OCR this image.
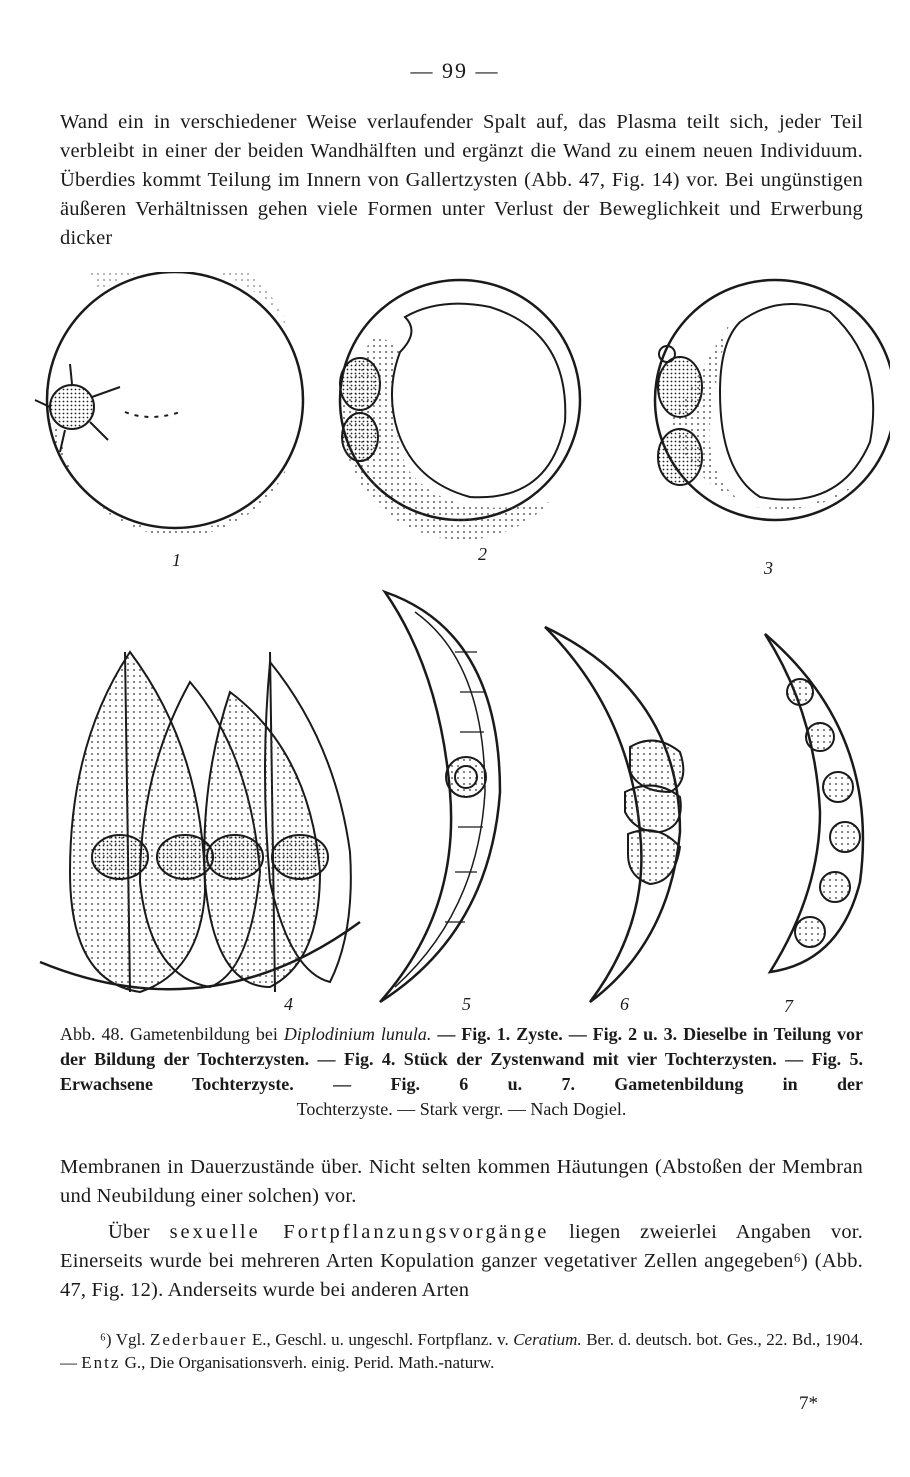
— 99 —

Wand ein in verschiedener Weise verlaufender Spalt auf, das Plasma teilt sich, jeder Teil verbleibt in einer der beiden Wandhälften und ergänzt die Wand zu einem neuen Individuum. Überdies kommt Teilung im Innern von Gallertzysten (Abb. 47, Fig. 14) vor. Bei ungünstigen äußeren Verhältnissen gehen viele Formen unter Verlust der Beweglichkeit und Erwerbung dicker

1	2
3
4	5	6	7
Abb. 48. Gametenbildung bei Diplodinium lunula. — Fig. 1. Zyste. — Fig. 2 u. 3. Dieselbe in Teilung vor der Bildung der Tochterzysten. — Fig. 4. Stück der Zystenwand mit vier Tochterzysten. — Fig. 5. Erwachsene Tochterzyste. — Fig. 6 u. 7. Gametenbildung in der
Tochterzyste. — Stark vergr. — Nach Dogiel.

Membranen in Dauerzustände über. Nicht selten kommen Häutungen (Abstoßen der Membran und Neubildung einer solchen) vor.

Über sexuelle Fortpflanzungsvorgänge liegen zweierlei Angaben vor. Einerseits wurde bei mehreren Arten Kopulation ganzer vegetativer Zellen angegeben⁶) (Abb. 47, Fig. 12). Anderseits wurde bei anderen Arten

⁶) Vgl. Zederbauer E., Geschl. u. ungeschl. Fortpflanz. v. Ceratium. Ber. d. deutsch. bot. Ges., 22. Bd., 1904. — Entz G., Die Organisationsverh. einig. Perid. Math.-naturw.

7*
